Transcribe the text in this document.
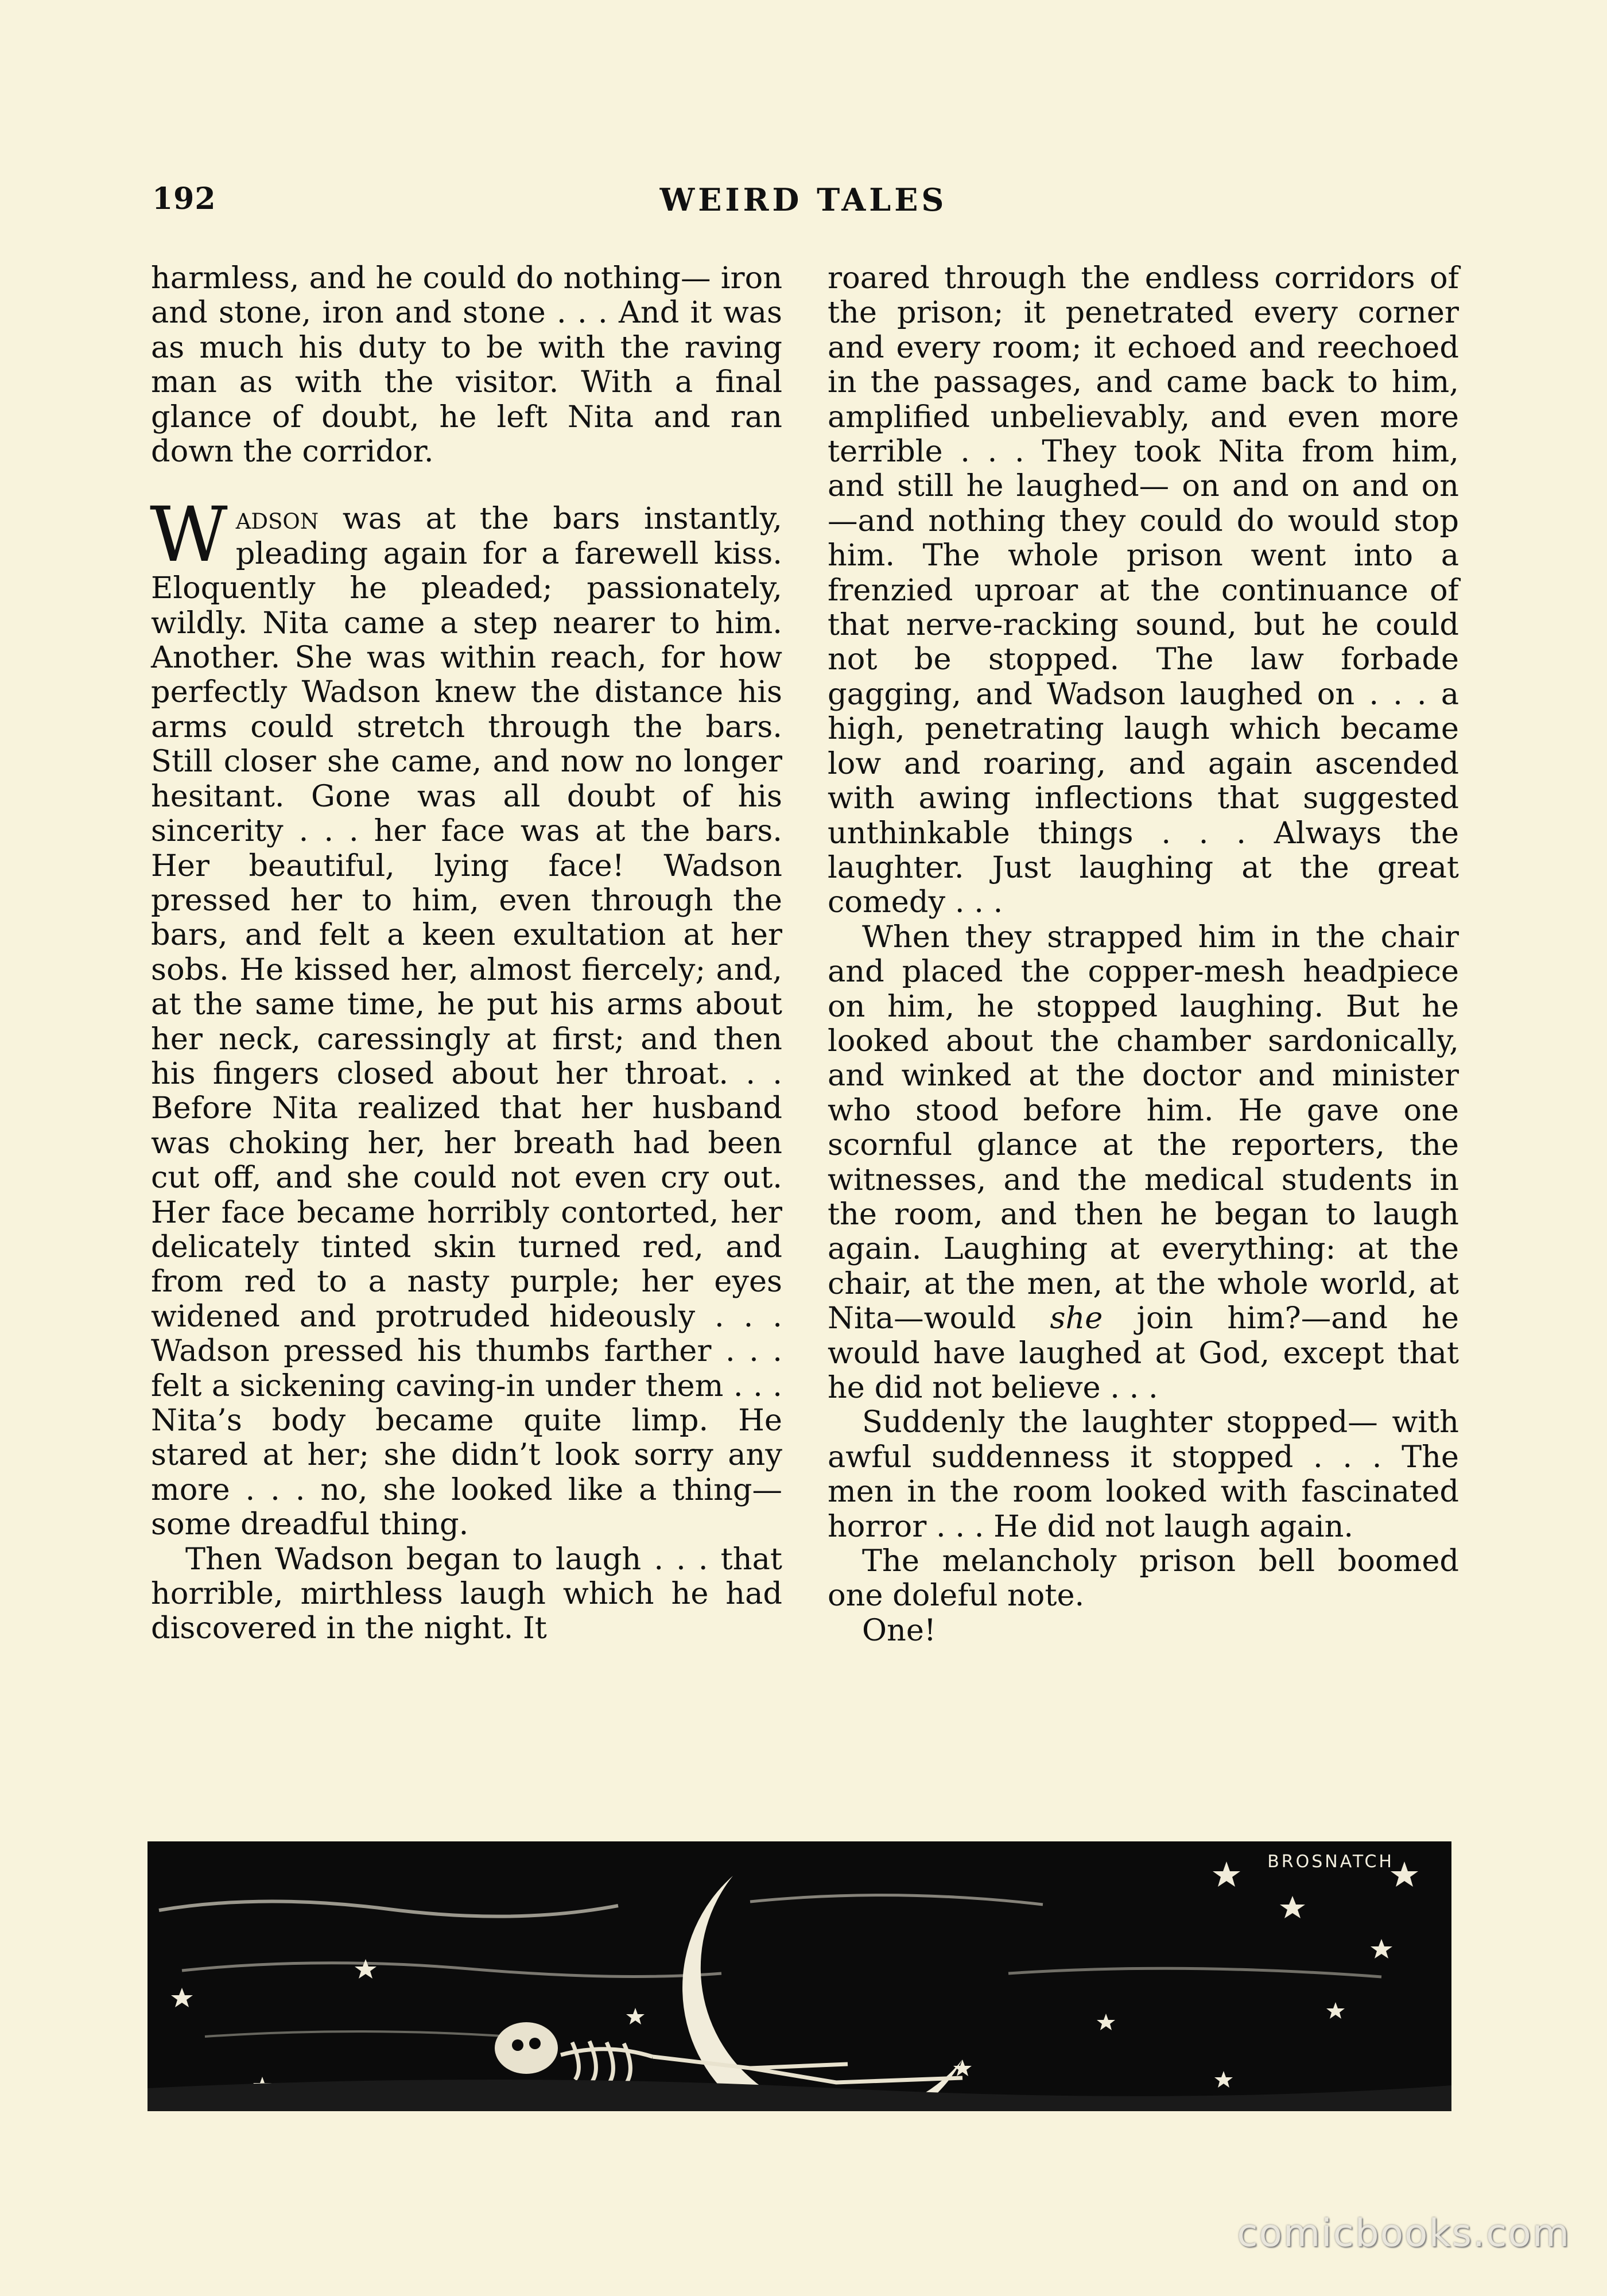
192	WEIRD TALES

harmless, and he could do nothing— iron and stone, iron and stone . . . And it was as much his duty to be with the raving man as with the visitor. With a final glance of doubt, he left Nita and ran down the corridor.

Wadson was at the bars instantly, pleading again for a farewell kiss. Eloquently he pleaded; passionately, wildly. Nita came a step nearer to him. Another. She was within reach, for how perfectly Wadson knew the distance his arms could stretch through the bars. Still closer she came, and now no longer hesitant. Gone was all doubt of his sincerity . . . her face was at the bars. Her beautiful, lying face! Wadson pressed her to him, even through the bars, and felt a keen exultation at her sobs. He kissed her, almost fiercely; and, at the same time, he put his arms about her neck, caressingly at first; and then his fingers closed about her throat. . . Before Nita realized that her husband was choking her, her breath had been cut off, and she could not even cry out. Her face became horribly contorted, her delicately tinted skin turned red, and from red to a nasty purple; her eyes widened and protruded hideously . . . Wadson pressed his thumbs farther . . . felt a sickening caving-in under them . . . Nita’s body became quite limp. He stared at her; she didn’t look sorry any more . . . no, she looked like a thing—some dreadful thing.

Then Wadson began to laugh . . . that horrible, mirthless laugh which he had discovered in the night. It

roared through the endless corridors of the prison; it penetrated every corner and every room; it echoed and reechoed in the passages, and came back to him, amplified unbelievably, and even more terrible . . . They took Nita from him, and still he laughed— on and on and on—and nothing they could do would stop him. The whole prison went into a frenzied uproar at the continuance of that nerve-racking sound, but he could not be stopped. The law forbade gagging, and Wadson laughed on . . . a high, penetrating laugh which became low and roaring, and again ascended with awing inflections that suggested unthinkable things . . . Always the laughter. Just laughing at the great comedy . . .

When they strapped him in the chair and placed the copper-mesh headpiece on him, he stopped laughing. But he looked about the chamber sardonically, and winked at the doctor and minister who stood before him. He gave one scornful glance at the reporters, the witnesses, and the medical students in the room, and then he began to laugh again. Laughing at everything: at the chair, at the men, at the whole world, at Nita—would she join him?—and he would have laughed at God, except that he did not believe . . .

Suddenly the laughter stopped— with awful suddenness it stopped . . . The men in the room looked with fascinated horror . . . He did not laugh again.

The melancholy prison bell boomed one doleful note.

One!

BROSNATCH
comicbooks.com
